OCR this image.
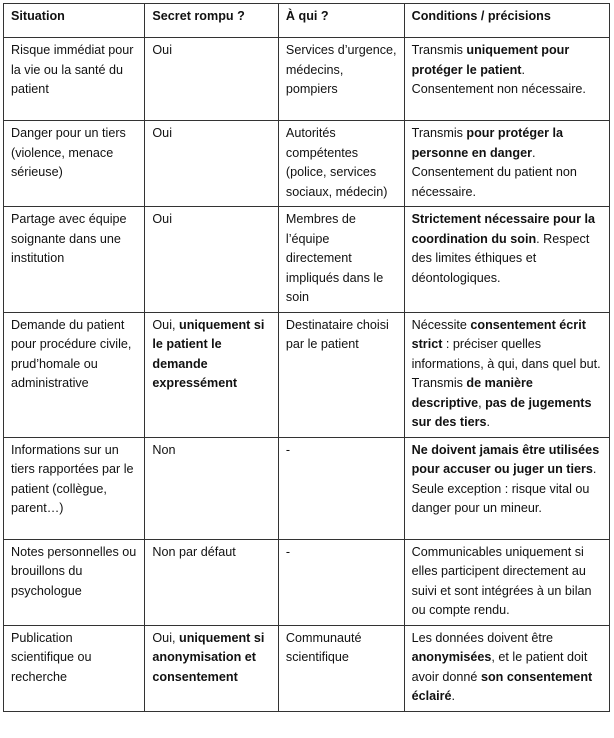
Situation	Secret rompu ?	À qui ?	Conditions / précisions
Risque immédiat pour la vie ou la santé du patient	Oui	Services d’urgence, médecins, pompiers	Transmis uniquement pour protéger le patient. Consentement non nécessaire.
Danger pour un tiers (violence, menace sérieuse)	Oui	Autorités compétentes (police, services sociaux, médecin)	Transmis pour protéger la personne en danger. Consentement du patient non nécessaire.
Partage avec équipe soignante dans une institution	Oui	Membres de l’équipe directement impliqués dans le soin	Strictement nécessaire pour la coordination du soin. Respect des limites éthiques et déontologiques.
Demande du patient pour procédure civile, prud’homale ou administrative	Oui, uniquement si le patient le demande expressément	Destinataire choisi par le patient	Nécessite consentement écrit strict : préciser quelles informations, à qui, dans quel but. Transmis de manière descriptive, pas de jugements sur des tiers.
Informations sur un tiers rapportées par le patient (collègue, parent…)	Non	-	Ne doivent jamais être utilisées pour accuser ou juger un tiers. Seule exception : risque vital ou danger pour un mineur.
Notes personnelles ou brouillons du psychologue	Non par défaut	-	Communicables uniquement si elles participent directement au suivi et sont intégrées à un bilan ou compte rendu.
Publication scientifique ou recherche	Oui, uniquement si anonymisation et consentement	Communauté scientifique	Les données doivent être anonymisées, et le patient doit avoir donné son consentement éclairé.
